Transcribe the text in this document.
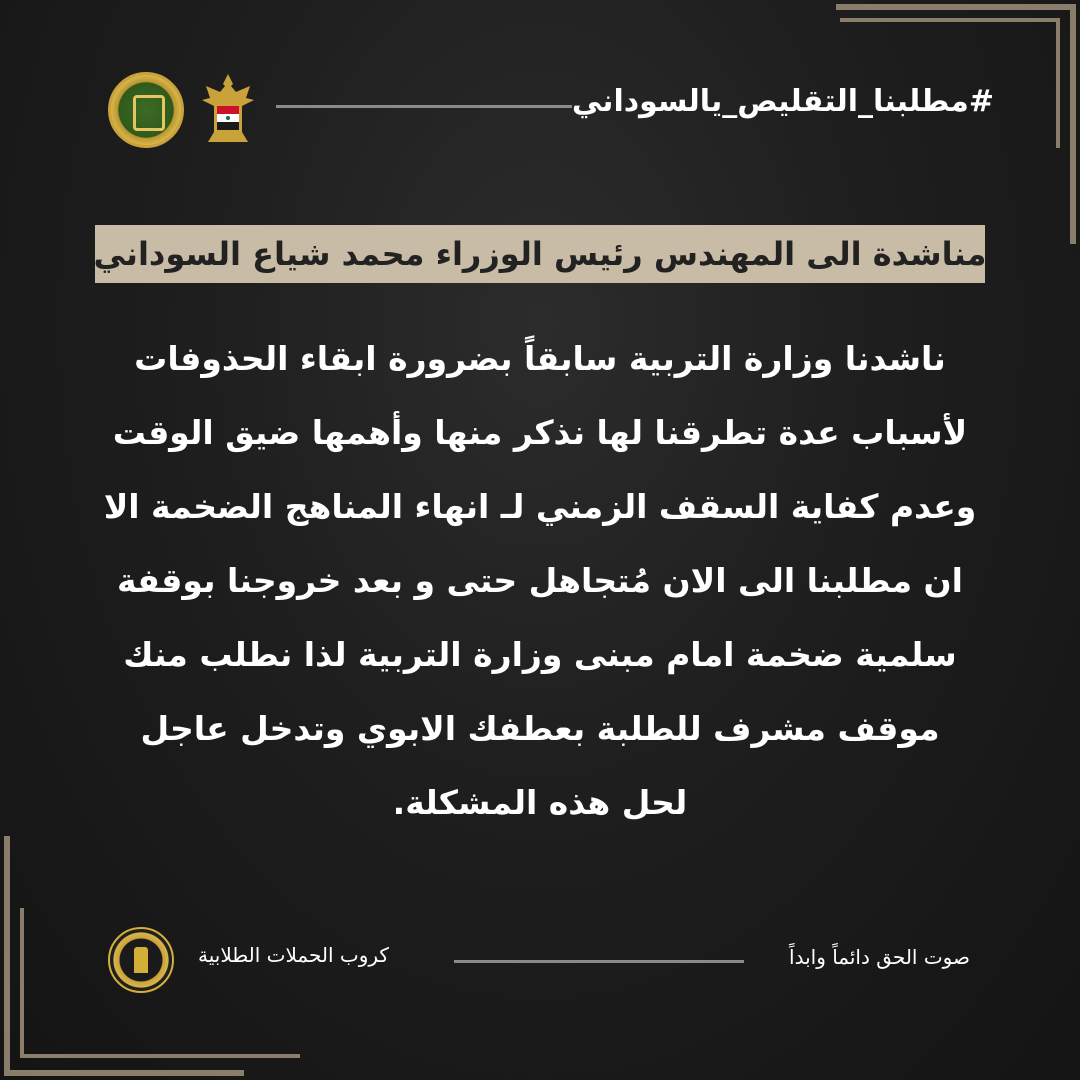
#مطلبنا_التقليص_يالسوداني
مناشدة الى المهندس رئيس الوزراء محمد شياع السوداني
ناشدنا وزارة التربية سابقاً بضرورة ابقاء الحذوفات
لأسباب عدة تطرقنا لها نذكر منها وأهمها ضيق الوقت
وعدم كفاية السقف الزمني لـ انهاء المناهج الضخمة الا
ان مطلبنا الى الان مُتجاهل حتى و بعد خروجنا بوقفة
سلمية ضخمة امام مبنى وزارة التربية لذا نطلب منك
موقف مشرف للطلبة بعطفك الابوي وتدخل عاجل
لحل هذه المشكلة.
كروب الحملات الطلابية	صوت الحق دائماً وابداً
